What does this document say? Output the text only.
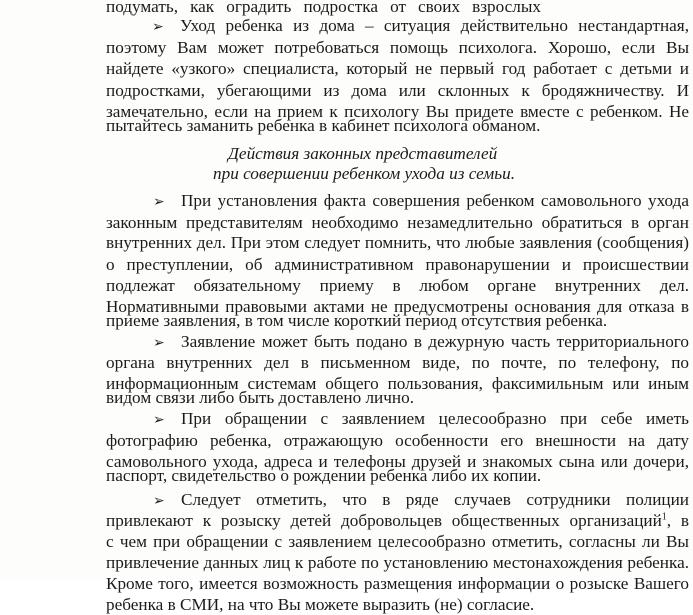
подумать, как оградить подростка от своих взрослых
➢ Уход ребенка из дома – ситуация действительно нестандартная,
поэтому Вам может потребоваться помощь психолога. Хорошо, если Вы
найдете «узкого» специалиста, который не первый год работает с детьми и
подростками, убегающими из дома или склонных к бродяжничеству. И
замечательно, если на прием к психологу Вы придете вместе с ребенком. Не
пытайтесь заманить ребенка в кабинет психолога обманом.
Действия законных представителей
при совершении ребенком ухода из семьи.
➢ При установления факта совершения ребенком самовольного ухода
законным представителям необходимо незамедлительно обратиться в орган
внутренних дел. При этом следует помнить, что любые заявления (сообщения)
о преступлении, об административном правонарушении и происшествии
подлежат обязательному приему в любом органе внутренних дел.
Нормативными правовыми актами не предусмотрены основания для отказа в
приеме заявления, в том числе короткий период отсутствия ребенка.
➢ Заявление может быть подано в дежурную часть территориального
органа внутренних дел в письменном виде, по почте, по телефону, по
информационным системам общего пользования, факсимильным или иным
видом связи либо быть доставлено лично.
➢ При обращении с заявлением целесообразно при себе иметь
фотографию ребенка, отражающую особенности его внешности на дату
самовольного ухода, адреса и телефоны друзей и знакомых сына или дочери,
паспорт, свидетельство о рождении ребенка либо их копии.
➢ Следует отметить, что в ряде случаев сотрудники полиции
привлекают к розыску детей добровольцев общественных организаций$^1$, в
с чем при обращении с заявлением целесообразно отметить, согласны ли Вы
привлечение данных лиц к работе по установлению местонахождения ребенка.
Кроме того, имеется возможность размещения информации о розыске Вашего
ребенка в СМИ, на что Вы можете выразить (не) согласие.
